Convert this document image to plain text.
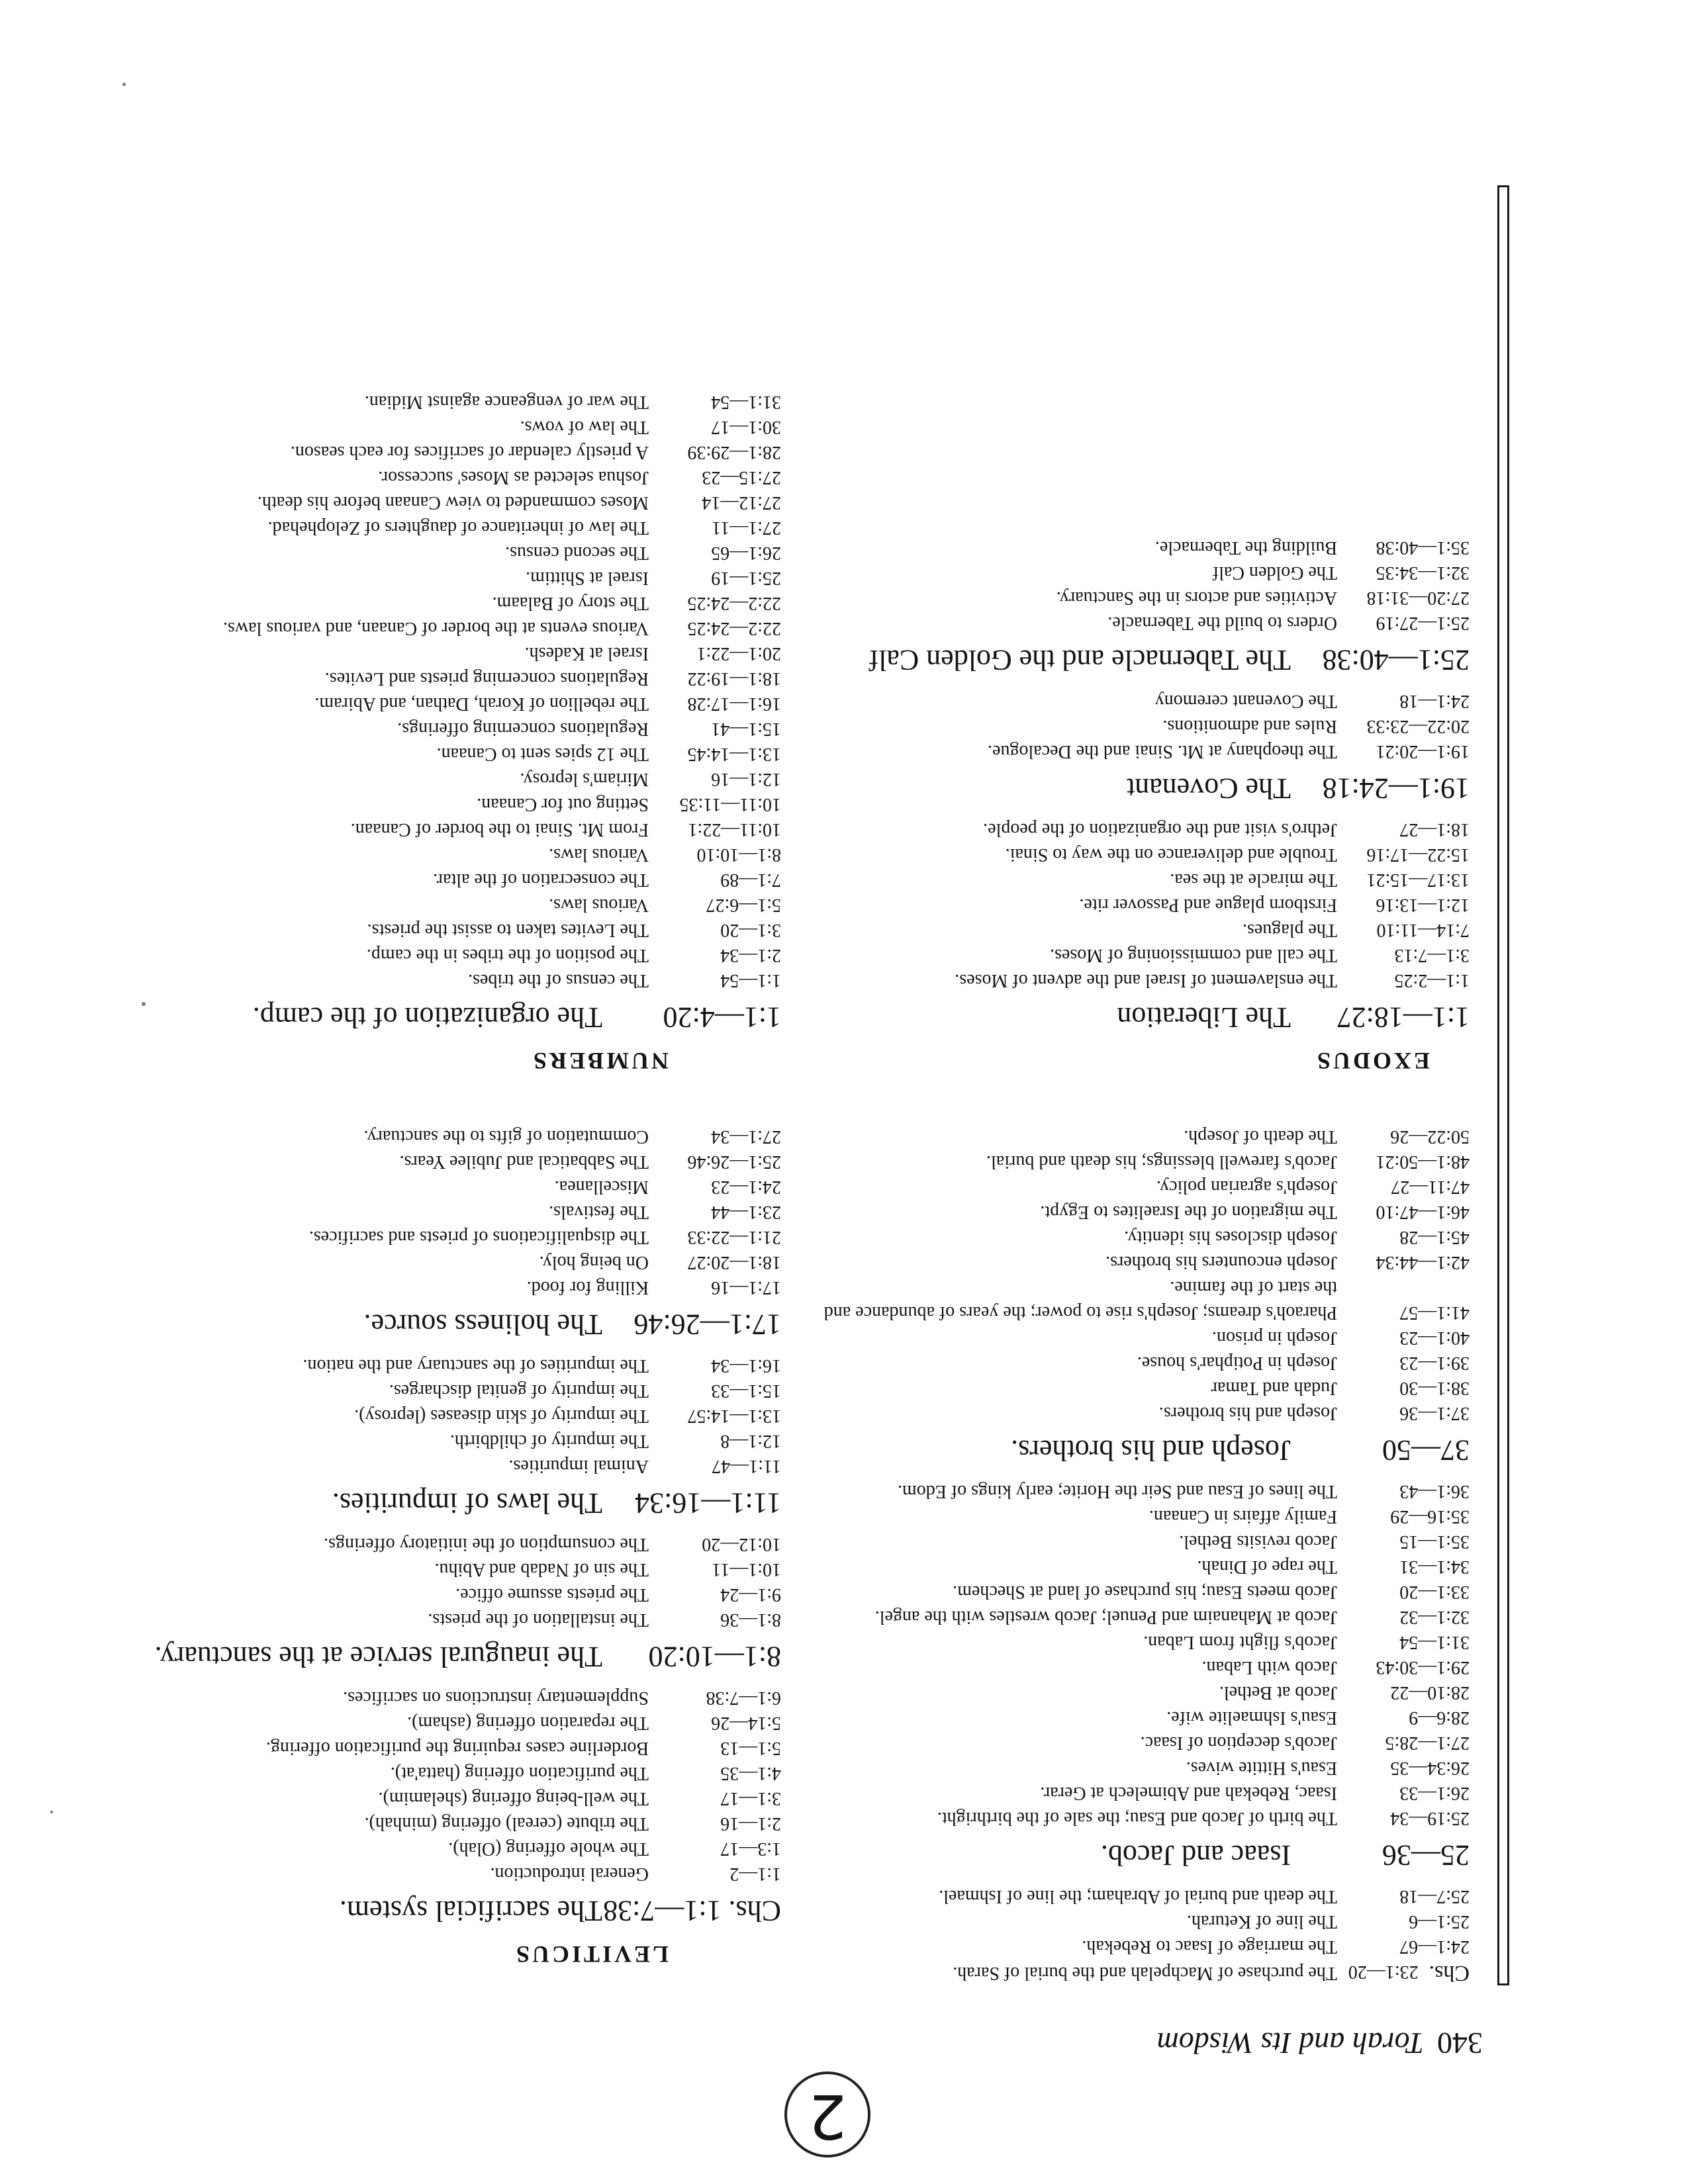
2
340Torah and Its Wisdom
Chs.23:1—20
The purchase of Machpelah and the burial of Sarah.
24:1—67
The marriage of Isaac to Rebekah.
25:1—6
The line of Keturah.
25:7—18
The death and burial of Abraham; the line of Ishmael.
25—36
Isaac and Jacob.
25:19—34
The birth of Jacob and Esau; the sale of the birthright.
26:1—33
Isaac, Rebekah and Abimelech at Gerar.
26:34—35
Esau's Hittite wives.
27:1—28:5
Jacob's deception of Isaac.
28:6—9
Esau's Ishmaelite wife.
28:10—22
Jacob at Bethel.
29:1—30:43
Jacob with Laban.
31:1—54
Jacob's flight from Laban.
32:1—32
Jacob at Mahanaim and Penuel; Jacob wrestles with the angel.
33:1—20
Jacob meets Esau; his purchase of land at Shechem.
34:1—31
The rape of Dinah.
35:1—15
Jacob revisits Bethel.
35:16—29
Family affairs in Canaan.
36:1—43
The lines of Esau and Seir the Horite; early kings of Edom.
37—50
Joseph and his brothers.
37:1—36
Joseph and his brothers.
38:1—30
Judah and Tamar
39:1—23
Joseph in Potiphar's house.
40:1—23
Joseph in prison.
41:1—57
Pharaoh's dreams; Joseph's rise to power; the years of abundance and the start of the famine.
42:1—44:34
Joseph encounters his brothers.
45:1—28
Joseph discloses his identity.
46:1—47:10
The migration of the Israelites to Egypt.
47:11—27
Joseph's agrarian policy.
48:1—50:21
Jacob's farewell blessings; his death and burial.
50:22—26
The death of Joseph.
EXODUS
1:1—18:27
The Liberation
1:1—2:25
The enslavement of Israel and the advent of Moses.
3:1—7:13
The call and commissioning of Moses.
7:14—11:10
The plagues.
12:1—13:16
Firstborn plague and Passover rite.
13:17—15:21
The miracle at the sea.
15:22—17:16
Trouble and deliverance on the way to Sinai.
18:1—27
Jethro's visit and the organization of the people.
19:1—24:18
The Covenant
19:1—20:21
The theophany at Mt. Sinai and the Decalogue.
20:22—23:33
Rules and admonitions.
24:1—18
The Covenant ceremony
25:1—40:38
The Tabernacle and the Golden Calf
25:1—27:19
Orders to build the Tabernacle.
27:20—31:18
Activities and actors in the Sanctuary.
32:1—34:35
The Golden Calf
35:1—40:38
Building the Tabernacle.
LEVITICUS
Chs. 1:1—7:38
The sacrificial system.
1:1—2
General introduction.
1:3—17
The whole offering (Olah).
2:1—16
The tribute (cereal) offering (minhah).
3:1—17
The well-being offering (shelamim).
4:1—35
The purification offering (hatta'at).
5:1—13
Borderline cases requiring the purification offering.
5:14—26
The reparation offering (asham).
6:1—7:38
Supplementary instructions on sacrifices.
8:1—10:20
The inaugural service at the sanctuary.
8:1—36
The installation of the priests.
9:1—24
The priests assume office.
10:1—11
The sin of Nadab and Abihu.
10:12—20
The consumption of the initiatory offerings.
11:1—16:34
The laws of impurities.
11:1—47
Animal impurities.
12:1—8
The impurity of childbirth.
13:1—14:57
The impurity of skin diseases (leprosy).
15:1—33
The impurity of genital discharges.
16:1—34
The impurities of the sanctuary and the nation.
17:1—26:46
The holiness source.
17:1—16
Killing for food.
18:1—20:27
On being holy.
21:1—22:33
The disqualifications of priests and sacrifices.
23:1—44
The festivals.
24:1—23
Miscellanea.
25:1—26:46
The Sabbatical and Jubilee Years.
27:1—34
Commutation of gifts to the sanctuary.
NUMBERS
1:1—4:20
The organization of the camp.
1:1—54
The census of the tribes.
2:1—34
The position of the tribes in the camp.
3:1—20
The Levites taken to assist the priests.
5:1—6:27
Various laws.
7:1—89
The consecration of the altar.
8:1—10:10
Various laws.
10:11—22:1
From Mt. Sinai to the border of Canaan.
10:11—11:35
Setting out for Canaan.
12:1—16
Miriam's leprosy.
13:1—14:45
The 12 spies sent to Canaan.
15:1—41
Regulations concerning offerings.
16:1—17:28
The rebellion of Korah, Dathan, and Abiram.
18:1—19:22
Regulations concerning priests and Levites.
20:1—22:1
Israel at Kadesh.
22:2—24:25
Various events at the border of Canaan, and various laws.
22:2—24:25
The story of Balaam.
25:1—19
Israel at Shittim.
26:1—65
The second census.
27:1—11
The law of inheritance of daughters of Zelophehad.
27:12—14
Moses commanded to view Canaan before his death.
27:15—23
Joshua selected as Moses' successor.
28:1—29:39
A priestly calendar of sacrifices for each season.
30:1—17
The law of vows.
31:1—54
The war of vengeance against Midian.
